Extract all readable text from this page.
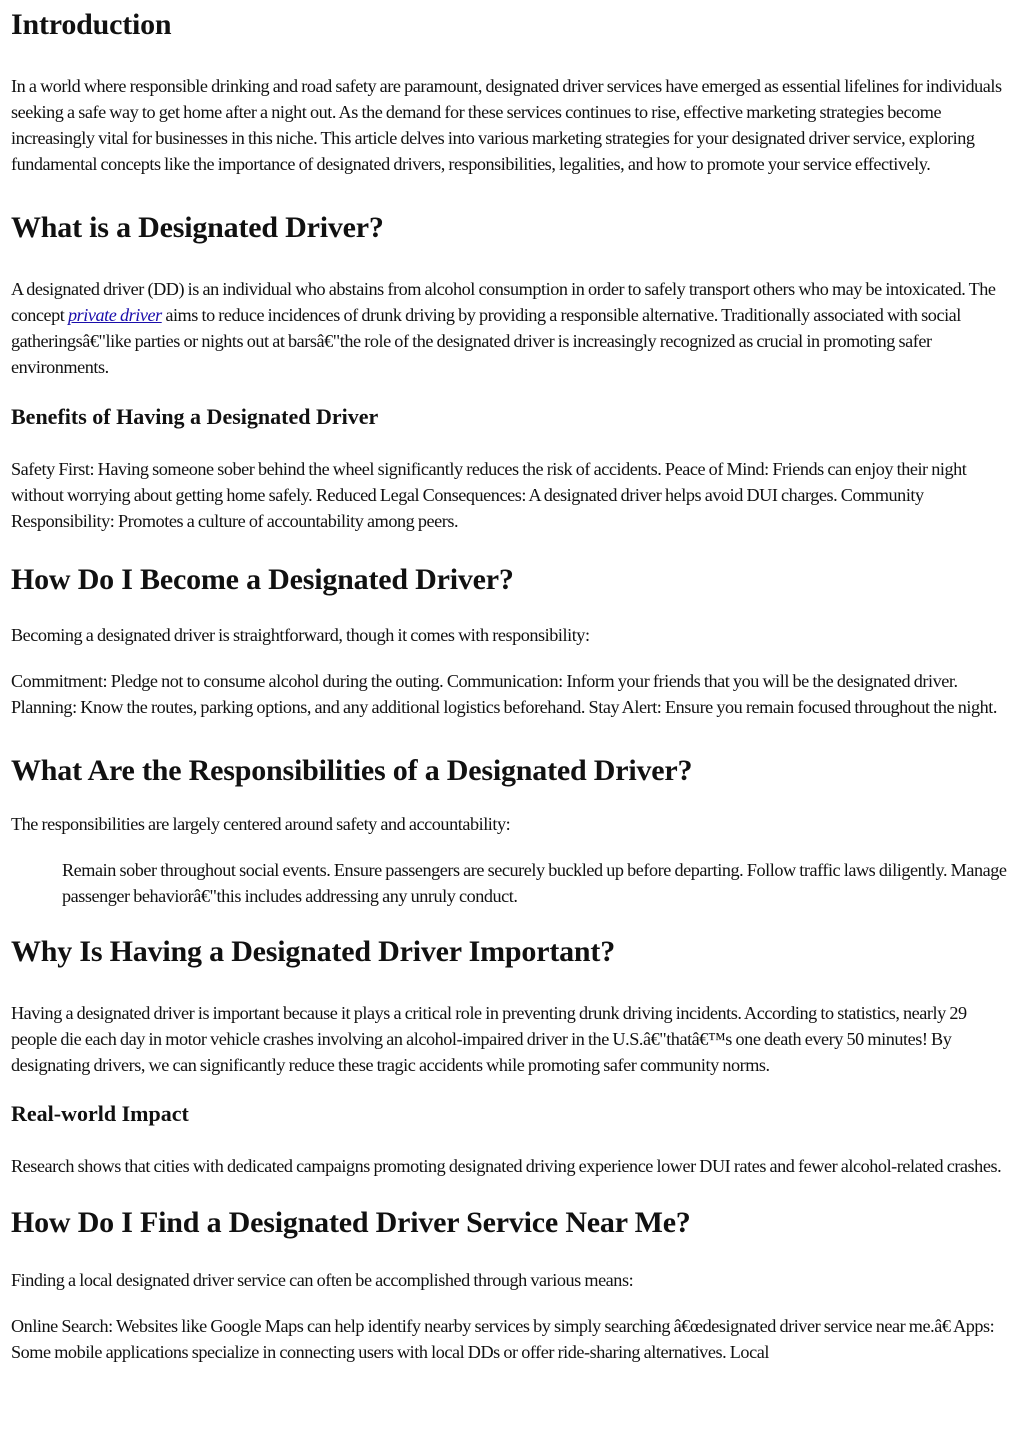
Introduction

In a world where responsible drinking and road safety are paramount, designated driver services have emerged as essential lifelines for individuals seeking a safe way to get home after a night out. As the demand for these services continues to rise, effective marketing strategies become increasingly vital for businesses in this niche. This article delves into various marketing strategies for your designated driver service, exploring fundamental concepts like the importance of designated drivers, responsibilities, legalities, and how to promote your service effectively.

What is a Designated Driver?

A designated driver (DD) is an individual who abstains from alcohol consumption in order to safely transport others who may be intoxicated. The concept private driver aims to reduce incidences of drunk driving by providing a responsible alternative. Traditionally associated with social gatheringsâ€"like parties or nights out at barsâ€"the role of the designated driver is increasingly recognized as crucial in promoting safer environments.

Benefits of Having a Designated Driver

Safety First: Having someone sober behind the wheel significantly reduces the risk of accidents. Peace of Mind: Friends can enjoy their night without worrying about getting home safely. Reduced Legal Consequences: A designated driver helps avoid DUI charges. Community Responsibility: Promotes a culture of accountability among peers.

How Do I Become a Designated Driver?

Becoming a designated driver is straightforward, though it comes with responsibility:

Commitment: Pledge not to consume alcohol during the outing. Communication: Inform your friends that you will be the designated driver. Planning: Know the routes, parking options, and any additional logistics beforehand. Stay Alert: Ensure you remain focused throughout the night.

What Are the Responsibilities of a Designated Driver?

The responsibilities are largely centered around safety and accountability:

Remain sober throughout social events. Ensure passengers are securely buckled up before departing. Follow traffic laws diligently. Manage passenger behaviorâ€"this includes addressing any unruly conduct.

Why Is Having a Designated Driver Important?

Having a designated driver is important because it plays a critical role in preventing drunk driving incidents. According to statistics, nearly 29 people die each day in motor vehicle crashes involving an alcohol-impaired driver in the U.S.â€"thatâ€™s one death every 50 minutes! By designating drivers, we can significantly reduce these tragic accidents while promoting safer community norms.

Real-world Impact

Research shows that cities with dedicated campaigns promoting designated driving experience lower DUI rates and fewer alcohol-related crashes.

How Do I Find a Designated Driver Service Near Me?

Finding a local designated driver service can often be accomplished through various means:

Online Search: Websites like Google Maps can help identify nearby services by simply searching â€œdesignated driver service near me.â€ Apps: Some mobile applications specialize in connecting users with local DDs or offer ride-sharing alternatives. Local
